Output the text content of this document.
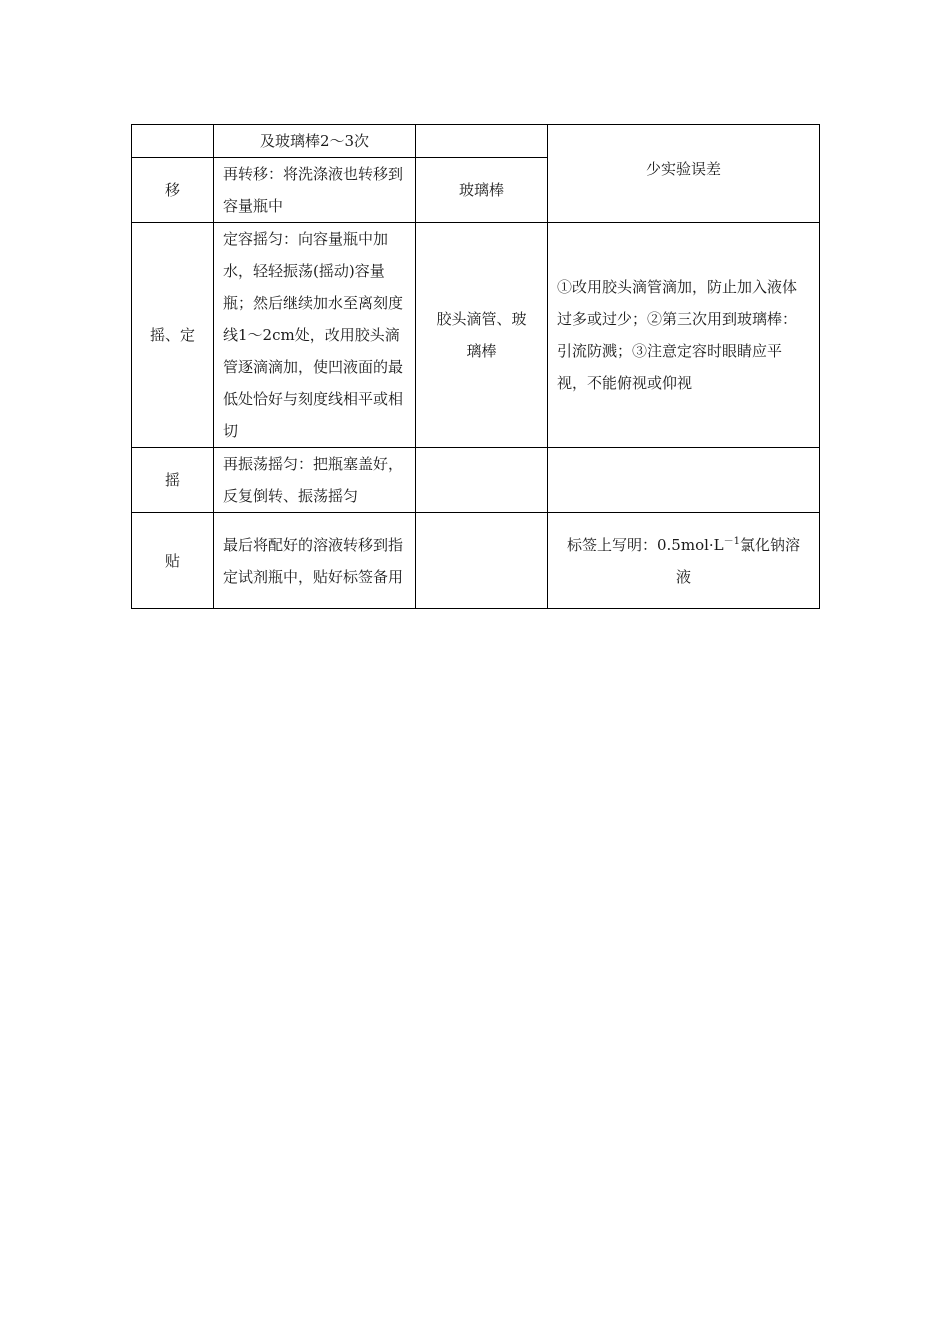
	及玻璃棒2～3次		少实验误差
移	再转移：将洗涤液也转移到容量瓶中	玻璃棒	
摇、定	定容摇匀：向容量瓶中加水，轻轻振荡(摇动)容量瓶；然后继续加水至离刻度线1～2cm处，改用胶头滴管逐滴滴加，使凹液面的最低处恰好与刻度线相平或相切	胶头滴管、玻璃棒	①改用胶头滴管滴加，防止加入液体过多或过少；②第三次用到玻璃棒：引流防溅；③注意定容时眼睛应平视，不能俯视或仰视
摇	再振荡摇匀：把瓶塞盖好，反复倒转、振荡摇匀		
贴	最后将配好的溶液转移到指定试剂瓶中，贴好标签备用		标签上写明：$0.5mol\cdot L^{-1}$氯化钠溶液
